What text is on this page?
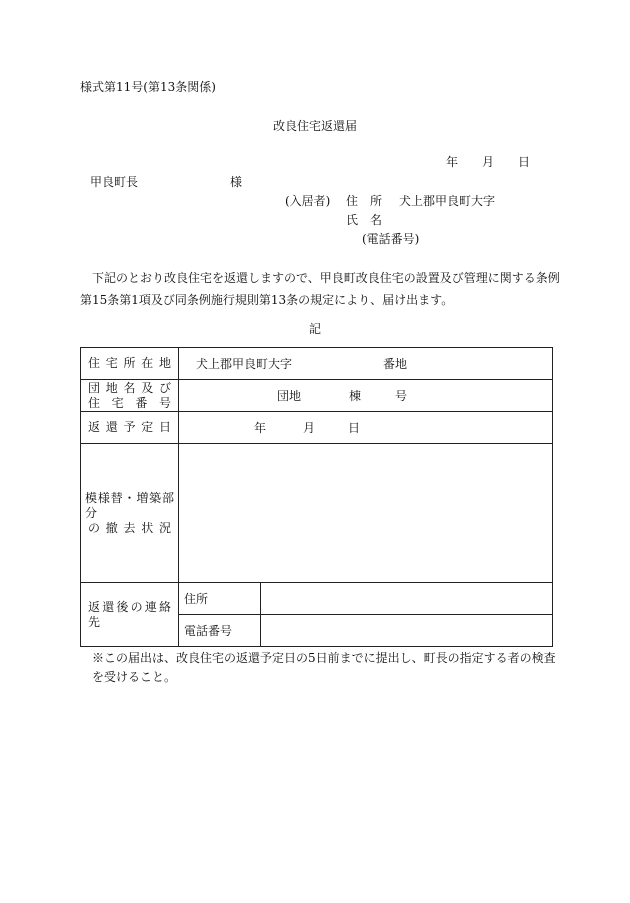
様式第11号(第13条関係)
改良住宅返還届
年 月 日
甲良町長	様
(入居者) 住　所 犬上郡甲良町大字
氏　名
(電話番号)
下記のとおり改良住宅を返還しますので、甲良町改良住宅の設置及び管理に関する条例
第15条第1項及び同条例施行規則第13条の規定により、届け出ます。
記
住宅所在地	犬上郡甲良町大字 番地	

団地名及び
住宅番号	団地 棟 号	

返還予定日	年 月 日	

模様替・増築部分
の撤去状況		

返還後の連絡先	住所	
	電話番号	
※この届出は、改良住宅の返還予定日の5日前までに提出し、町長の指定する者の検査を受けること。
